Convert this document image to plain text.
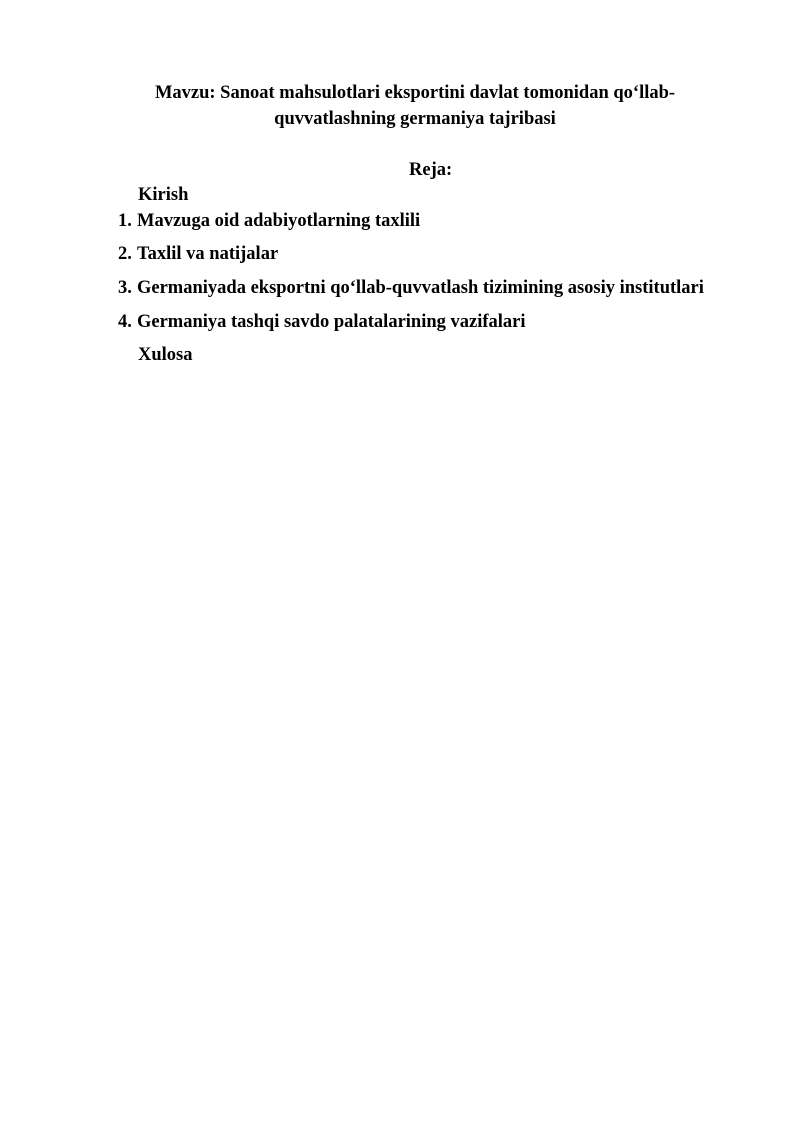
Mavzu: Sanoat mahsulotlari eksportini davlat tomonidan qo‘llab-
quvvatlashning germaniya tajribasi
Reja:
Kirish
1. Mavzuga oid adabiyotlarning taxlili
2. Taxlil va natijalar
3. Germaniyada eksportni qo‘llab-quvvatlash tizimining asosiy institutlari
4. Germaniya tashqi savdo palatalarining vazifalari
Xulosa
